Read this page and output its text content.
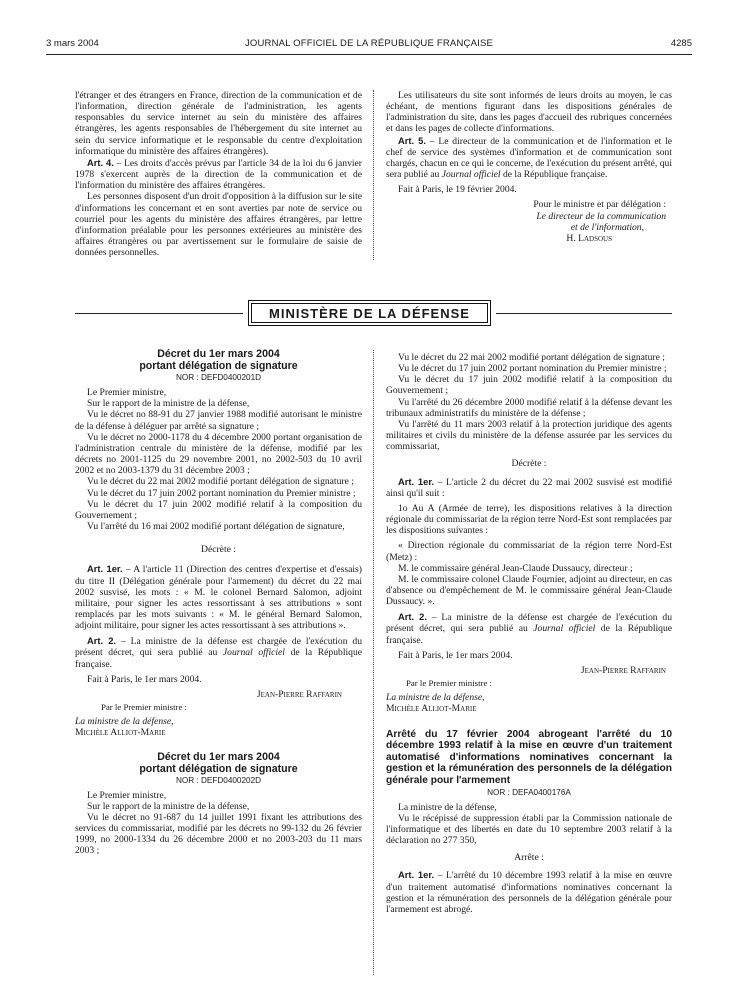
3 mars 2004	JOURNAL OFFICIEL DE LA RÉPUBLIQUE FRANÇAISE	4285

l'étranger et des étrangers en France, direction de la communication et de l'information, direction générale de l'administration, les agents responsables du service internet au sein du ministère des affaires étrangères, les agents responsables de l'hébergement du site internet au sein du service informatique et le responsable du centre d'exploitation informatique du ministère des affaires étrangères).

Art. 4. – Les droits d'accès prévus par l'article 34 de la loi du 6 janvier 1978 s'exercent auprès de la direction de la communication et de l'information du ministère des affaires étrangères.

Les personnes disposent d'un droit d'opposition à la diffusion sur le site d'informations les concernant et en sont averties par note de service ou courriel pour les agents du ministère des affaires étrangères, par lettre d'information préalable pour les personnes extérieures au ministère des affaires étrangères ou par avertissement sur le formulaire de saisie de données personnelles.

Les utilisateurs du site sont informés de leurs droits au moyen, le cas échéant, de mentions figurant dans les dispositions générales de l'administration du site, dans les pages d'accueil des rubriques concernées et dans les pages de collecte d'informations.

Art. 5. – Le directeur de la communication et de l'information et le chef de service des systèmes d'information et de communication sont chargés, chacun en ce qui le concerne, de l'exécution du présent arrêté, qui sera publié au Journal officiel de la République française.

Fait à Paris, le 19 février 2004.

Pour le ministre et par délégation :

Le directeur de la communication

et de l'information,

H. Ladsous

MINISTÈRE DE LA DÉFENSE

Décret du 1er mars 2004

portant délégation de signature

NOR : DEFD0400201D

Le Premier ministre,

Sur le rapport de la ministre de la défense,

Vu le décret no 88-91 du 27 janvier 1988 modifié autorisant le ministre de la défense à déléguer par arrêté sa signature ;

Vu le décret no 2000-1178 du 4 décembre 2000 portant organisation de l'administration centrale du ministère de la défense, modifié par les décrets no 2001-1125 du 29 novembre 2001, no 2002-503 du 10 avril 2002 et no 2003-1379 du 31 décembre 2003 ;

Vu le décret du 22 mai 2002 modifié portant délégation de signature ;

Vu le décret du 17 juin 2002 portant nomination du Premier ministre ;

Vu le décret du 17 juin 2002 modifié relatif à la composition du Gouvernement ;

Vu l'arrêté du 16 mai 2002 modifié portant délégation de signature,

Décrète :

Art. 1er. – A l'article 11 (Direction des centres d'expertise et d'essais) du titre II (Délégation générale pour l'armement) du décret du 22 mai 2002 susvisé, les mots : « M. le colonel Bernard Salomon, adjoint militaire, pour signer les actes ressortissant à ses attributions » sont remplacés par les mots suivants : « M. le général Bernard Salomon, adjoint militaire, pour signer les actes ressortissant à ses attributions ».

Art. 2. – La ministre de la défense est chargée de l'exécution du présent décret, qui sera publié au Journal officiel de la République française.

Fait à Paris, le 1er mars 2004.

Jean-Pierre Raffarin

Par le Premier ministre :

La ministre de la défense,

Michèle Alliot-Marie

Décret du 1er mars 2004

portant délégation de signature

NOR : DEFD0400202D

Le Premier ministre,

Sur le rapport de la ministre de la défense,

Vu le décret no 91-687 du 14 juillet 1991 fixant les attributions des services du commissariat, modifié par les décrets no 99-132 du 26 février 1999, no 2000-1334 du 26 décembre 2000 et no 2003-203 du 11 mars 2003 ;

Vu le décret du 22 mai 2002 modifié portant délégation de signature ;

Vu le décret du 17 juin 2002 portant nomination du Premier ministre ;

Vu le décret du 17 juin 2002 modifié relatif à la composition du Gouvernement ;

Vu l'arrêté du 26 décembre 2000 modifié relatif à la défense devant les tribunaux administratifs du ministère de la défense ;

Vu l'arrêté du 11 mars 2003 relatif à la protection juridique des agents militaires et civils du ministère de la défense assurée par les services du commissariat,

Décrète :

Art. 1er. – L'article 2 du décret du 22 mai 2002 susvisé est modifié ainsi qu'il suit :

1o Au A (Armée de terre), les dispositions relatives à la direction régionale du commissariat de la région terre Nord-Est sont remplacées par les dispositions suivantes :

« Direction régionale du commissariat de la région terre Nord-Est (Metz) :

M. le commissaire général Jean-Claude Dussaucy, directeur ;

M. le commissaire colonel Claude Fournier, adjoint au directeur, en cas d'absence ou d'empêchement de M. le commissaire général Jean-Claude Dussaucy. ».

Art. 2. – La ministre de la défense est chargée de l'exécution du présent décret, qui sera publié au Journal officiel de la République française.

Fait à Paris, le 1er mars 2004.

Jean-Pierre Raffarin

Par le Premier ministre :

La ministre de la défense,

Michèle Alliot-Marie

Arrêté du 17 février 2004 abrogeant l'arrêté du 10 décembre 1993 relatif à la mise en œuvre d'un traitement automatisé d'informations nominatives concernant la gestion et la rémunération des personnels de la délégation générale pour l'armement

NOR : DEFA0400176A

La ministre de la défense,

Vu le récépissé de suppression établi par la Commission nationale de l'informatique et des libertés en date du 10 septembre 2003 relatif à la déclaration no 277 350,

Arrête :

Art. 1er. – L'arrêté du 10 décembre 1993 relatif à la mise en œuvre d'un traitement automatisé d'informations nominatives concernant la gestion et la rémunération des personnels de la délégation générale pour l'armement est abrogé.
